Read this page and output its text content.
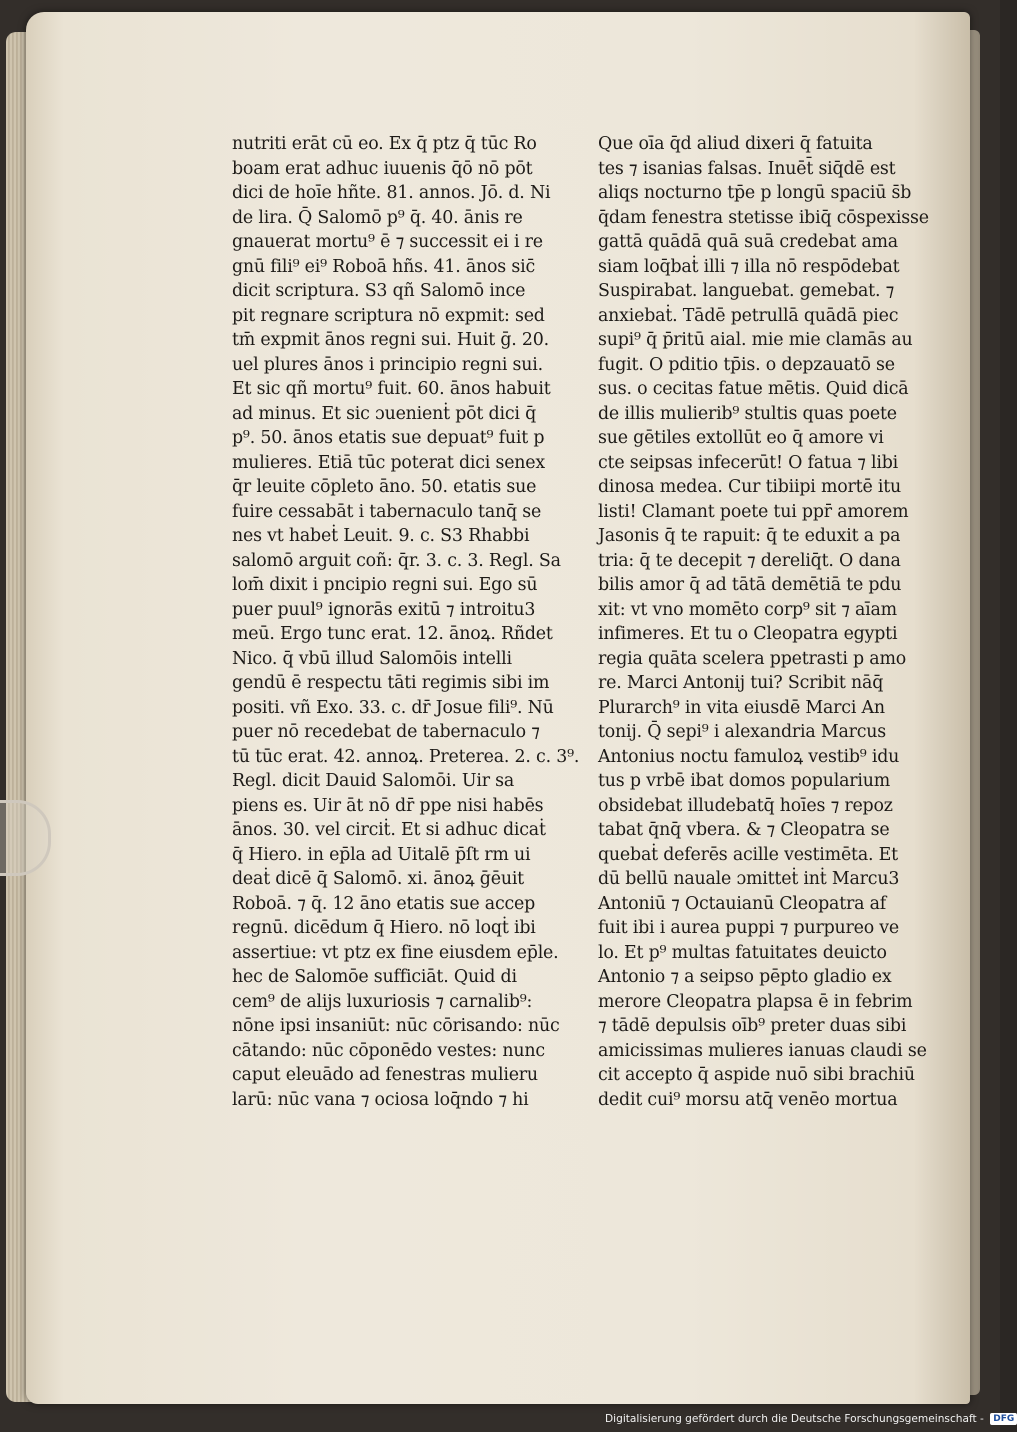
nutriti erāt cū eo. Ex q̄ ptz q̄ tūc Ro
boam erat adhuc iuuenis q̄ō nō pōt
dici de hoīe hñte. 81. annos. Jō. d. Ni
de lira. Q̄ Salomō p⁹ q̄. 40. ānis re
gnauerat mortu⁹ ē ⁊ successit ei i re
gnū fili⁹ ei⁹ Roboā hñs. 41. ānos sic̄
dicit scriptura. S3 qñ Salomō ince
pit regnare scriptura nō expmit: sed
tm̄ expmit ānos regni sui. Huit ḡ. 20.
uel plures ānos i principio regni sui.
Et sic qñ mortu⁹ fuit. 60. ānos habuit
ad minus. Et sic ɔuenienṫ pōt dici q̄
p⁹. 50. ānos etatis sue depuat⁹ fuit p
mulieres. Etiā tūc poterat dici senex
q̄r leuite cōpleto āno. 50. etatis sue
fuire cessabāt i tabernaculo tanq̄ se
nes vt habeṫ Leuit. 9. c. S3 Rhabbi
salomō arguit coñ: q̄r. 3. c. 3. Regl. Sa
lom̄ dixit i pncipio regni sui. Ego sū
puer puul⁹ ignorās exitū ⁊ introitu3
meū. Ergo tunc erat. 12. ānoꝝ. Rñdet
Nico. q̄ vbū illud Salomōis intelli
gendū ē respectu tāti regimis sibi im
positi. vñ Exo. 33. c. dr̄ Josue fili⁹. Nū
puer nō recedebat de tabernaculo ⁊
tū tūc erat. 42. annoꝝ. Preterea. 2. c. 3⁹.
Regl. dicit Dauid Salomōi. Uir sa
piens es. Uir āt nō dr̄ ppe nisi habēs
ānos. 30. vel circiṫ. Et si adhuc dicaṫ
q̄ Hiero. in ep̄la ad Uitalē p̄ſt rm ui
deaṫ dicē q̄ Salomō. xi. ānoꝝ ḡēuit
Roboā. ⁊ q̄. 12 āno etatis sue accep
regnū. dicēdum q̄ Hiero. nō loqṫ ibi
assertiue: vt ptz ex fine eiusdem ep̄le.
hec de Salomōe sufficiāt. Quid di
cem⁹ de alijs luxuriosis ⁊ carnalib⁹:
nōne ipsi insaniūt: nūc cōrisando: nūc
cātando: nūc cōponēdo vestes: nunc
caput eleuādo ad fenestras mulieru
larū: nūc vana ⁊ ociosa loq̄ndo ⁊ hi
Que oīa q̄d aliud dixeri q̄ fatuita
tes ⁊ isanias falsas. Inuēt̄ siq̄dē est
aliqs nocturno tp̄e p longū spaciū s̄b
q̄dam fenestra stetisse ibiq̄ cōspexisse
gattā quādā quā suā credebat ama
siam loq̄baṫ illi ⁊ illa nō respōdebat
Suspirabat. languebat. gemebat. ⁊
anxiebaṫ. Tādē petrullā quādā piec
supi⁹ q̄ p̄ritū aial. mie mie clamās au
fugit. O pditio tp̄is. o depzauatō se
sus. o cecitas fatue mētis. Quid dicā
de illis mulierib⁹ stultis quas poete
sue gētiles extollūt eo q̄ amore vi
cte seipsas infecerūt! O fatua ⁊ libi
dinosa medea. Cur tibiipi mortē itu
listi! Clamant poete tui ppr̄ amorem
Jasonis q̄ te rapuit: q̄ te eduxit a pa
tria: q̄ te decepit ⁊ dereliq̄t. O dana
bilis amor q̄ ad tātā demētiā te pdu
xit: vt vno momēto corp⁹ sit ⁊ aīam
infimeres. Et tu o Cleopatra egypti
regia quāta scelera ppetrasti p amo
re. Marci Antonij tui? Scribit nāq̄
Plurarch⁹ in vita eiusdē Marci An
tonij. Q̄ sepi⁹ i alexandria Marcus
Antonius noctu famuloꝝ vestib⁹ idu
tus p vrbē ibat domos popularium
obsidebat illudebatq̄ hoīes ⁊ repoz
tabat q̄nq̄ vbera. & ⁊ Cleopatra se
quebaṫ deferēs acille vestimēta. Et
dū bellū nauale ɔmitteṫ inṫ Marcu3
Antoniū ⁊ Octauianū Cleopatra af
fuit ibi i aurea puppi ⁊ purpureo ve
lo. Et p⁹ multas fatuitates deuicto
Antonio ⁊ a seipso pēpto gladio ex
merore Cleopatra plapsa ē in febrim
⁊ tādē depulsis oīb⁹ preter duas sibi
amicissimas mulieres ianuas claudi se
cit accepto q̄ aspide nuō sibi brachiū
dedit cui⁹ morsu atq̄ venēo mortua
Digitalisierung gefördert durch die Deutsche Forschungsgemeinschaft - DFG
